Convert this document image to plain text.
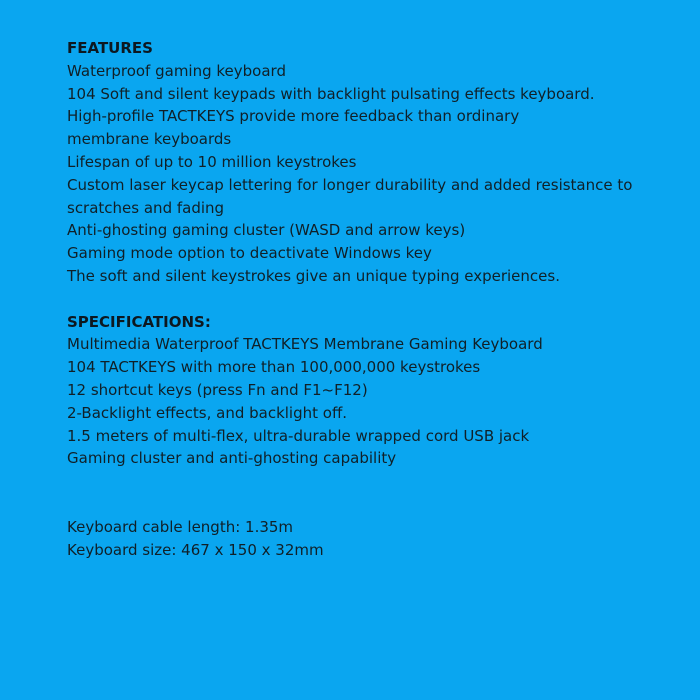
FEATURES
Waterproof gaming keyboard
104 Soft and silent keypads with backlight pulsating effects keyboard.
High-profile TACTKEYS provide more feedback than ordinary
membrane keyboards
Lifespan of up to 10 million keystrokes
Custom laser keycap lettering for longer durability and added resistance to
scratches and fading
Anti-ghosting gaming cluster (WASD and arrow keys)
Gaming mode option to deactivate Windows key
The soft and silent keystrokes give an unique typing experiences.
SPECIFICATIONS:
Multimedia Waterproof TACTKEYS Membrane Gaming Keyboard
104 TACTKEYS with more than 100,000,000 keystrokes
12 shortcut keys (press Fn and F1~F12)
2-Backlight effects, and backlight off.
1.5 meters of multi-flex, ultra-durable wrapped cord USB jack
Gaming cluster and anti-ghosting capability
Keyboard cable length: 1.35m
Keyboard size: 467 x 150 x 32mm
